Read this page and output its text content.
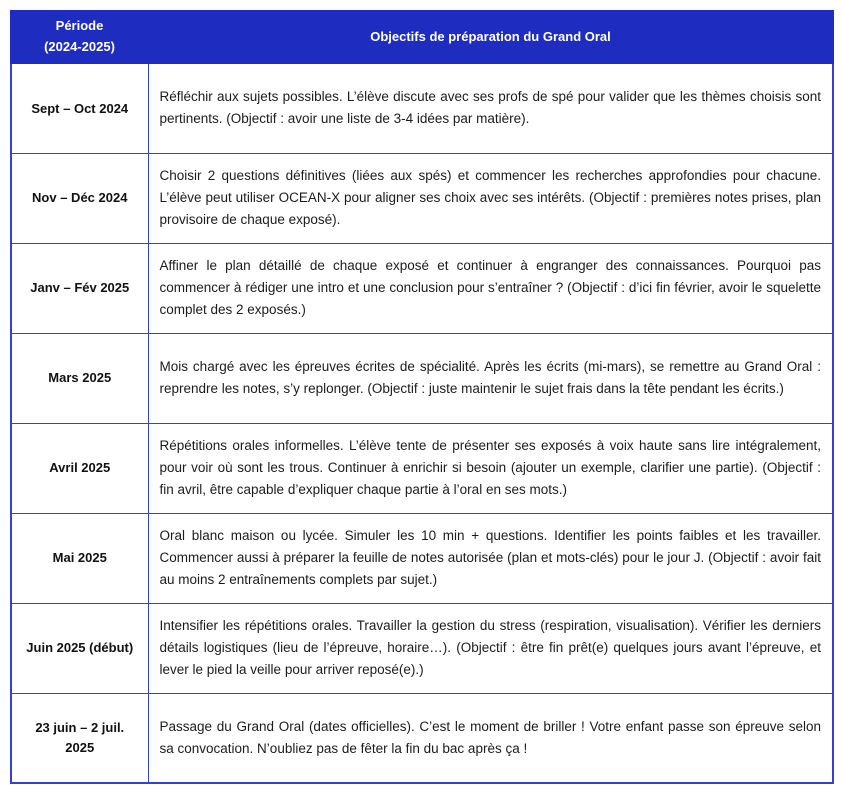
Période
(2024-2025)	Objectifs de préparation du Grand Oral
Sept – Oct 2024	Réfléchir aux sujets possibles. L’élève discute avec ses profs de spé pour valider que les thèmes choisis sont pertinents. (Objectif : avoir une liste de 3-4 idées par matière).
Nov – Déc 2024	Choisir 2 questions définitives (liées aux spés) et commencer les recherches approfondies pour chacune. L’élève peut utiliser OCEAN-X pour aligner ses choix avec ses intérêts. (Objectif : premières notes prises, plan provisoire de chaque exposé).
Janv – Fév 2025	Affiner le plan détaillé de chaque exposé et continuer à engranger des connaissances. Pourquoi pas commencer à rédiger une intro et une conclusion pour s’entraîner ? (Objectif : d’ici fin février, avoir le squelette complet des 2 exposés.)
Mars 2025	Mois chargé avec les épreuves écrites de spécialité. Après les écrits (mi-mars), se remettre au Grand Oral : reprendre les notes, s’y replonger. (Objectif : juste maintenir le sujet frais dans la tête pendant les écrits.)
Avril 2025	Répétitions orales informelles. L’élève tente de présenter ses exposés à voix haute sans lire intégralement, pour voir où sont les trous. Continuer à enrichir si besoin (ajouter un exemple, clarifier une partie). (Objectif : fin avril, être capable d’expliquer chaque partie à l’oral en ses mots.)
Mai 2025	Oral blanc maison ou lycée. Simuler les 10 min + questions. Identifier les points faibles et les travailler. Commencer aussi à préparer la feuille de notes autorisée (plan et mots-clés) pour le jour J. (Objectif : avoir fait au moins 2 entraînements complets par sujet.)
Juin 2025 (début)	Intensifier les répétitions orales. Travailler la gestion du stress (respiration, visualisation). Vérifier les derniers détails logistiques (lieu de l’épreuve, horaire…). (Objectif : être fin prêt(e) quelques jours avant l’épreuve, et lever le pied la veille pour arriver reposé(e).)
23 juin – 2 juil. 2025	Passage du Grand Oral (dates officielles). C’est le moment de briller ! Votre enfant passe son épreuve selon sa convocation. N’oubliez pas de fêter la fin du bac après ça !
